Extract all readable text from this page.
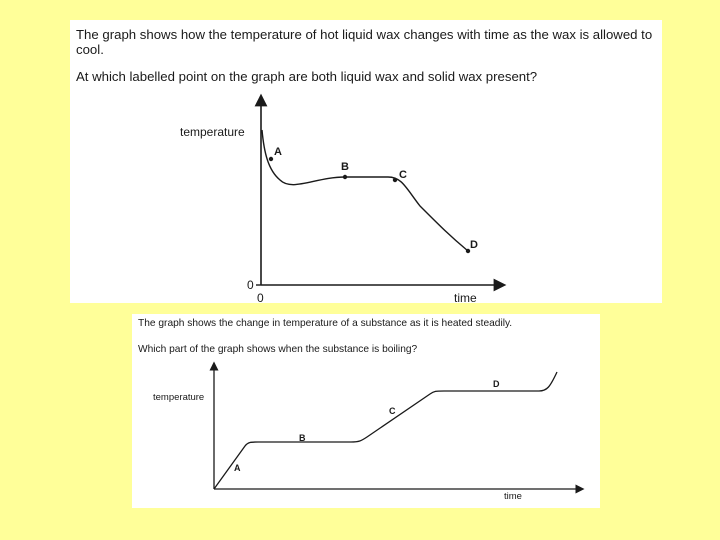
The graph shows how the temperature of hot liquid wax changes with time as the wax is allowed to cool.
At which labelled point on the graph are both liquid wax and solid wax present?
A
B
C
D
temperature
time
0
0
The graph shows the change in temperature of a substance as it is heated steadily.
Which part of the graph shows when the substance is boiling?
A
B
C
D
temperature
time
